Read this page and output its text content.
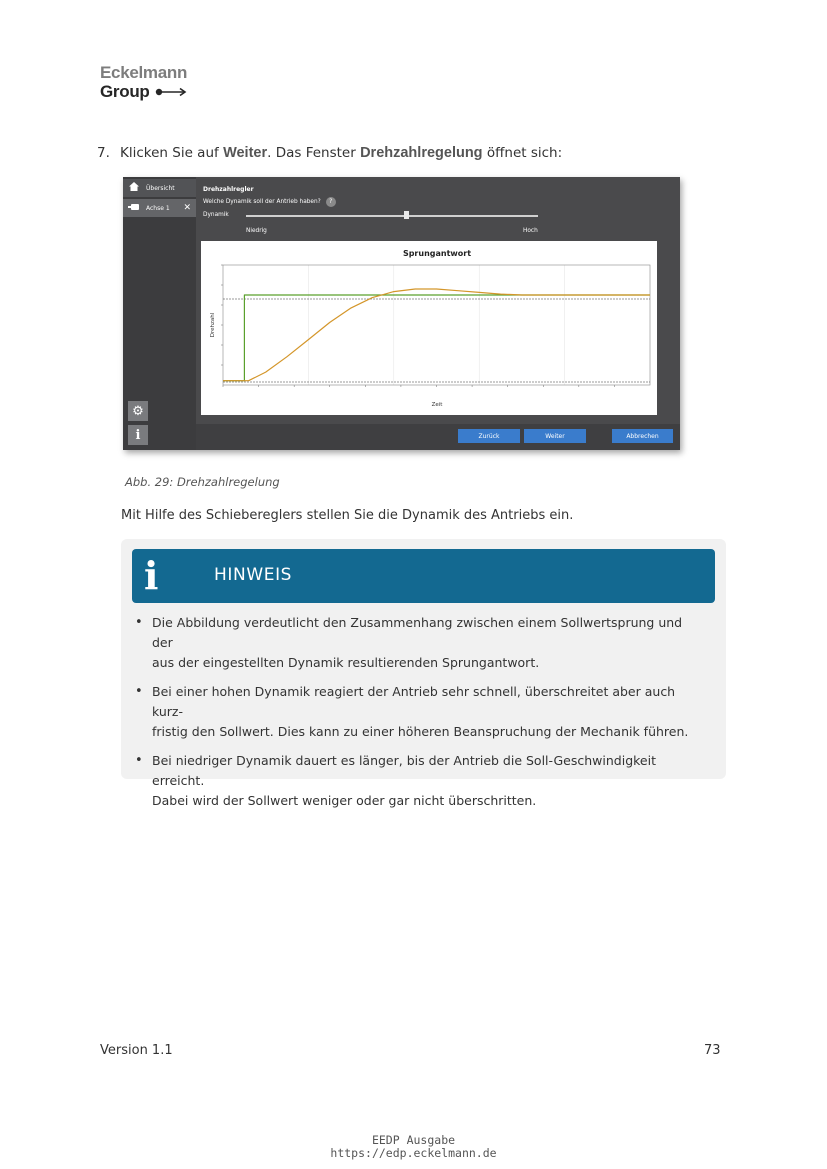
Eckelmann
Group
7. Klicken Sie auf Weiter. Das Fenster Drehzahlregelung öffnet sich:
Übersicht
Achse 1 ✕
⚙
i
Drehzahlregler
Welche Dynamik soll der Antrieb haben?	?
Dynamik
Niedrig	Hoch
Sprungantwort
Drehzahl
Zeit
Zurück	Weiter	Abbrechen
Abb. 29: Drehzahlregelung
Mit Hilfe des Schiebereglers stellen Sie die Dynamik des Antriebs ein.
i	HINWEIS
• Die Abbildung verdeutlicht den Zusammenhang zwischen einem Sollwertsprung und der
aus der eingestellten Dynamik resultierenden Sprungantwort.
• Bei einer hohen Dynamik reagiert der Antrieb sehr schnell, überschreitet aber auch kurz-
fristig den Sollwert. Dies kann zu einer höheren Beanspruchung der Mechanik führen.
• Bei niedriger Dynamik dauert es länger, bis der Antrieb die Soll-Geschwindigkeit erreicht.
Dabei wird der Sollwert weniger oder gar nicht überschritten.
Version 1.1	73
EEDP Ausgabe
https://edp.eckelmann.de
